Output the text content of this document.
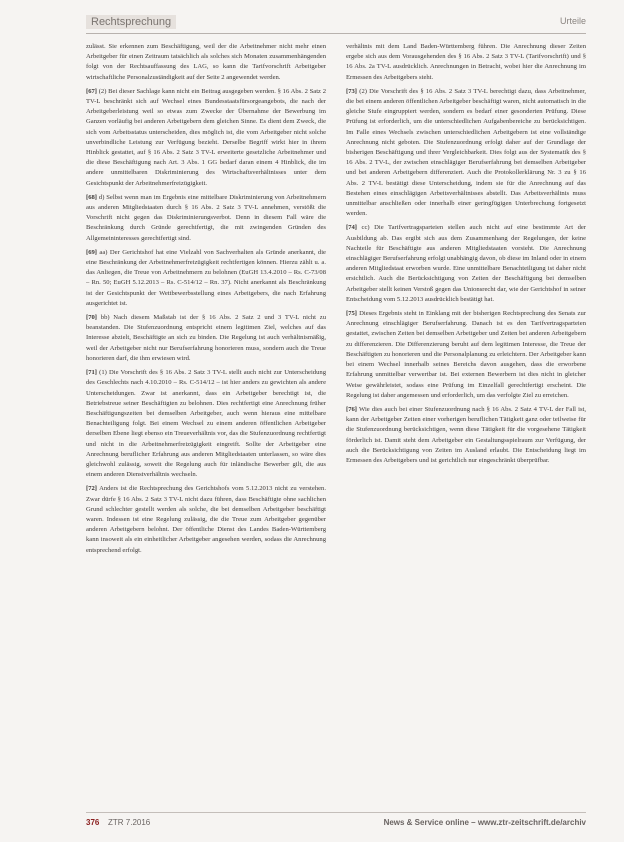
Rechtsprechung	Urteile

zulässt. Sie erkennen zum Beschäftigung, weil der die Arbeitnehmer nicht mehr einen Arbeitgeber für einen Zeitraum tatsächlich als solches sich Monaten zusammenhängenden folgt von der Rechtsauffassung des LAG, so kann die Tarifvorschrift Arbeitgeber wirtschaftliche Personalzuständigkeit auf der Seite 2 angewendet werden.

[67] (2) Bei dieser Sachlage kann nicht ein Beitrag ausgegeben werden. § 16 Abs. 2 Satz 2 TV-L beschränkt sich auf Wechsel eines Bundesstaatsfürsorgeangebots, die nach der Arbeitgeberleistung weil so etwas zum Zwecke der Übernahme der Bewerbung im Ganzen vorläufig bei anderen Arbeitgebern dem gleichen Sinne. Es dient dem Zweck, die sich vom Arbeitsstatus unterscheiden, dies möglich ist, die vom Arbeitgeber nicht solche unverbindliche Leistung zur Verfügung bezieht. Derselbe Begriff wirkt hier in ihrem Hinblick gestattet, auf § 16 Abs. 2 Satz 3 TV-L erweiterte gesetzliche Arbeitnehmer und die diese Beschäftigung nach Art. 3 Abs. 1 GG bedarf daran einem 4 Hinblick, die im andere unmittelbaren Diskriminierung des Wirtschaftsverhältnisses unter dem Gesichtspunkt der Arbeitnehmerfreizügigkeit.

[68] d) Selbst wenn man im Ergebnis eine mittelbare Diskriminierung von Arbeitnehmern aus anderen Mitgliedstaaten durch § 16 Abs. 2 Satz 3 TV-L annehmen, verstößt die Vorschrift nicht gegen das Diskriminierungsverbot. Denn in diesem Fall wäre die Beschränkung durch Gründe gerechtfertigt, die mit zwingenden Gründen des Allgemeininteresses gerechtfertigt sind.

[69] aa) Der Gerichtshof hat eine Vielzahl von Sachverhalten als Gründe anerkannt, die eine Beschränkung der Arbeitnehmerfreizügigkeit rechtfertigen können. Hierzu zählt u. a. das Anliegen, die Treue von Arbeitnehmern zu belohnen (EuGH 13.4.2010 – Rs. C-73/08 – Rn. 50; EuGH 5.12.2013 – Rs. C-514/12 – Rn. 37). Nicht anerkannt als Beschränkung ist der Gesichtspunkt der Wettbewerbsstellung eines Arbeitgebers, die nach Erfahrung ausgerichtet ist.

[70] bb) Nach diesem Maßstab ist der § 16 Abs. 2 Satz 2 und 3 TV-L nicht zu beanstanden. Die Stufenzuordnung entspricht einem legitimen Ziel, welches auf das Interesse abzielt, Beschäftigte an sich zu binden. Die Regelung ist auch verhältnismäßig, weil der Arbeitgeber nicht nur Berufserfahrung honorieren muss, sondern auch die Treue honorieren darf, die ihm erwiesen wird.

[71] (1) Die Vorschrift des § 16 Abs. 2 Satz 3 TV-L stellt auch nicht zur Unterscheidung des Geschlechts nach 4.10.2010 – Rs. C-514/12 – ist hier anders zu gewichten als andere Unterscheidungen. Zwar ist anerkannt, dass ein Arbeitgeber berechtigt ist, die Betriebstreue seiner Beschäftigten zu belohnen. Dies rechtfertigt eine Anrechnung früher Beschäftigungszeiten bei demselben Arbeitgeber, auch wenn hieraus eine mittelbare Benachteiligung folgt. Bei einem Wechsel zu einem anderen öffentlichen Arbeitgeber derselben Ebene liegt ebenso ein Treueverhältnis vor, das die Stufenzuordnung rechtfertigt und nicht in die Arbeitnehmerfreizügigkeit eingreift. Sollte der Arbeitgeber eine Anrechnung beruflicher Erfahrung aus anderen Mitgliedstaaten unterlassen, so wäre dies gleichwohl zulässig, soweit die Regelung auch für inländische Bewerber gilt, die aus einem anderen Dienstverhältnis wechseln.

[72] Anders ist die Rechtsprechung des Gerichtshofs vom 5.12.2013 nicht zu verstehen. Zwar dürfe § 16 Abs. 2 Satz 3 TV-L nicht dazu führen, dass Beschäftigte ohne sachlichen Grund schlechter gestellt werden als solche, die bei demselben Arbeitgeber beschäftigt waren. Indessen ist eine Regelung zulässig, die die Treue zum Arbeitgeber gegenüber anderen Arbeitgebern belohnt. Der öffentliche Dienst des Landes Baden-Württemberg kann insoweit als ein einheitlicher Arbeitgeber angesehen werden, sodass die Anrechnung entsprechend erfolgt.

verhältnis mit dem Land Baden-Württemberg führen. Die Anrechnung dieser Zeiten ergebe sich aus dem Vorausgehenden des § 16 Abs. 2 Satz 3 TV-L (Tarifvorschrift) und § 16 Abs. 2a TV-L ausdrücklich. Anrechnungen in Betracht, wobei hier die Anrechnung im Ermessen des Arbeitgebers steht.

[73] (2) Die Vorschrift des § 16 Abs. 2 Satz 3 TV-L berechtigt dazu, dass Arbeitnehmer, die bei einem anderen öffentlichen Arbeitgeber beschäftigt waren, nicht automatisch in die gleiche Stufe eingruppiert werden, sondern es bedarf einer gesonderten Prüfung. Diese Prüfung ist erforderlich, um die unterschiedlichen Aufgabenbereiche zu berücksichtigen. Im Falle eines Wechsels zwischen unterschiedlichen Arbeitgebern ist eine vollständige Anrechnung nicht geboten. Die Stufenzuordnung erfolgt daher auf der Grundlage der bisherigen Beschäftigung und ihrer Vergleichbarkeit. Dies folgt aus der Systematik des § 16 Abs. 2 TV-L, der zwischen einschlägiger Berufserfahrung bei demselben Arbeitgeber und bei anderen Arbeitgebern differenziert. Auch die Protokollerklärung Nr. 3 zu § 16 Abs. 2 TV-L bestätigt diese Unterscheidung, indem sie für die Anrechnung auf das Bestehen eines einschlägigen Arbeitsverhältnisses abstellt. Das Arbeitsverhältnis muss unmittelbar anschließen oder innerhalb einer geringfügigen Unterbrechung fortgesetzt werden.

[74] cc) Die Tarifvertragsparteien stellen auch nicht auf eine bestimmte Art der Ausbildung ab. Das ergibt sich aus dem Zusammenhang der Regelungen, der keine Nachteile für Beschäftigte aus anderen Mitgliedstaaten vorsieht. Die Anrechnung einschlägiger Berufserfahrung erfolgt unabhängig davon, ob diese im Inland oder in einem anderen Mitgliedstaat erworben wurde. Eine unmittelbare Benachteiligung ist daher nicht ersichtlich. Auch die Berücksichtigung von Zeiten der Beschäftigung bei demselben Arbeitgeber stellt keinen Verstoß gegen das Unionsrecht dar, wie der Gerichtshof in seiner Entscheidung vom 5.12.2013 ausdrücklich bestätigt hat.

[75] Dieses Ergebnis steht in Einklang mit der bisherigen Rechtsprechung des Senats zur Anrechnung einschlägiger Berufserfahrung. Danach ist es den Tarifvertragsparteien gestattet, zwischen Zeiten bei demselben Arbeitgeber und Zeiten bei anderen Arbeitgebern zu differenzieren. Die Differenzierung beruht auf dem legitimen Interesse, die Treue der Beschäftigten zu honorieren und die Personalplanung zu erleichtern. Der Arbeitgeber kann bei einem Wechsel innerhalb seines Bereichs davon ausgehen, dass die erworbene Erfahrung unmittelbar verwertbar ist. Bei externen Bewerbern ist dies nicht in gleicher Weise gewährleistet, sodass eine Prüfung im Einzelfall gerechtfertigt erscheint. Die Regelung ist daher angemessen und erforderlich, um das verfolgte Ziel zu erreichen.

[76] Wie dies auch bei einer Stufenzuordnung nach § 16 Abs. 2 Satz 4 TV-L der Fall ist, kann der Arbeitgeber Zeiten einer vorherigen beruflichen Tätigkeit ganz oder teilweise für die Stufenzuordnung berücksichtigen, wenn diese Tätigkeit für die vorgesehene Tätigkeit förderlich ist. Damit steht dem Arbeitgeber ein Gestaltungsspielraum zur Verfügung, der auch die Berücksichtigung von Zeiten im Ausland erlaubt. Die Entscheidung liegt im Ermessen des Arbeitgebers und ist gerichtlich nur eingeschränkt überprüfbar.

376 ZTR 7.2016	News & Service online – www.ztr-zeitschrift.de/archiv
